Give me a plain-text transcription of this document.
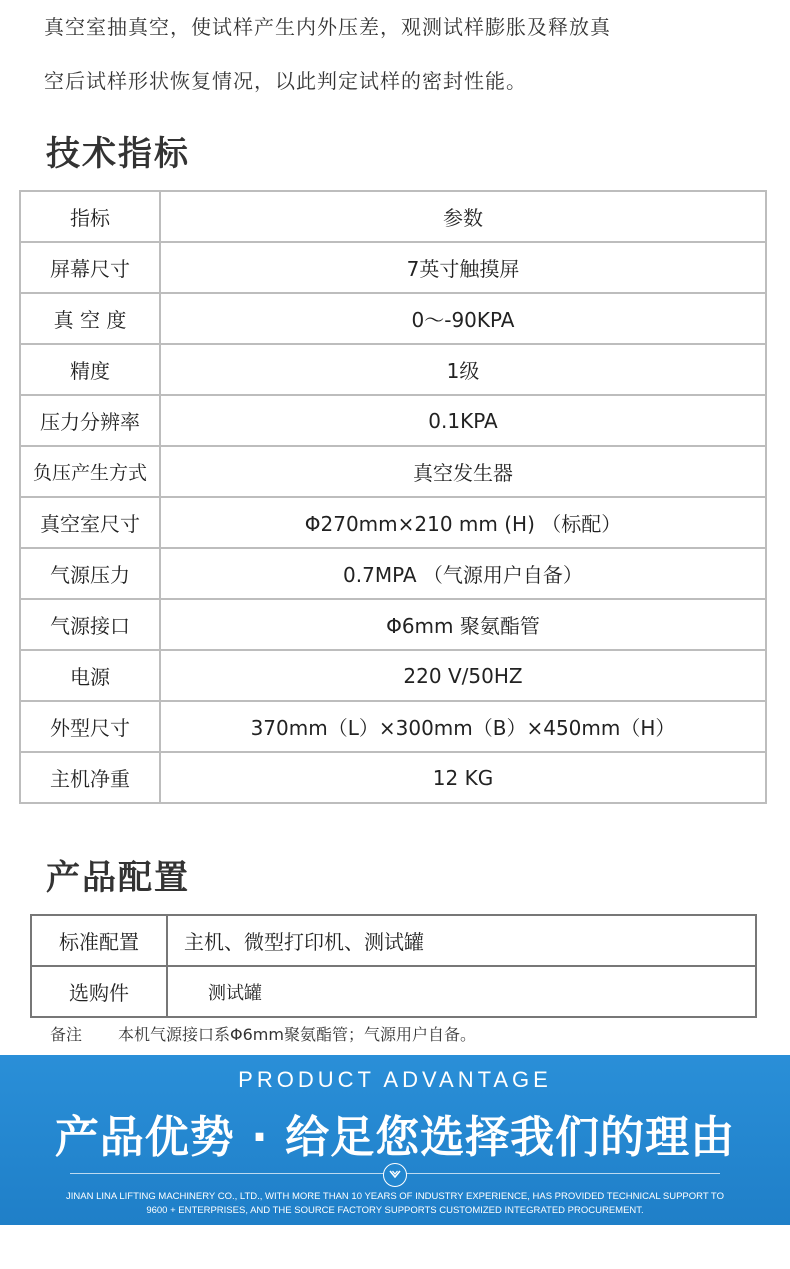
真空室抽真空，使试样产生内外压差，观测试样膨胀及释放真

空后试样形状恢复情况，以此判定试样的密封性能。

技术指标
指标	参数
屏幕尺寸	7英寸触摸屏
真 空 度	0～-90KPA
精度	1级
压力分辨率	0.1KPA
负压产生方式	真空发生器
真空室尺寸	Φ270mm×210 mm (H) （标配）
气源压力	0.7MPA （气源用户自备）
气源接口	Φ6mm 聚氨酯管
电源	220 V/50HZ
外型尺寸	370mm（L）×300mm（B）×450mm（H）
主机净重	12 KG
产品配置
标准配置	主机、微型打印机、测试罐
选购件	测试罐
备注 本机气源接口系Φ6mm聚氨酯管；气源用户自备。
PRODUCT ADVANTAGE
产品优势 · 给足您选择我们的理由
JINAN LINA LIFTING MACHINERY CO., LTD., WITH MORE THAN 10 YEARS OF INDUSTRY EXPERIENCE, HAS PROVIDED TECHNICAL SUPPORT TO 9600 + ENTERPRISES, AND THE SOURCE FACTORY SUPPORTS CUSTOMIZED INTEGRATED PROCUREMENT.
